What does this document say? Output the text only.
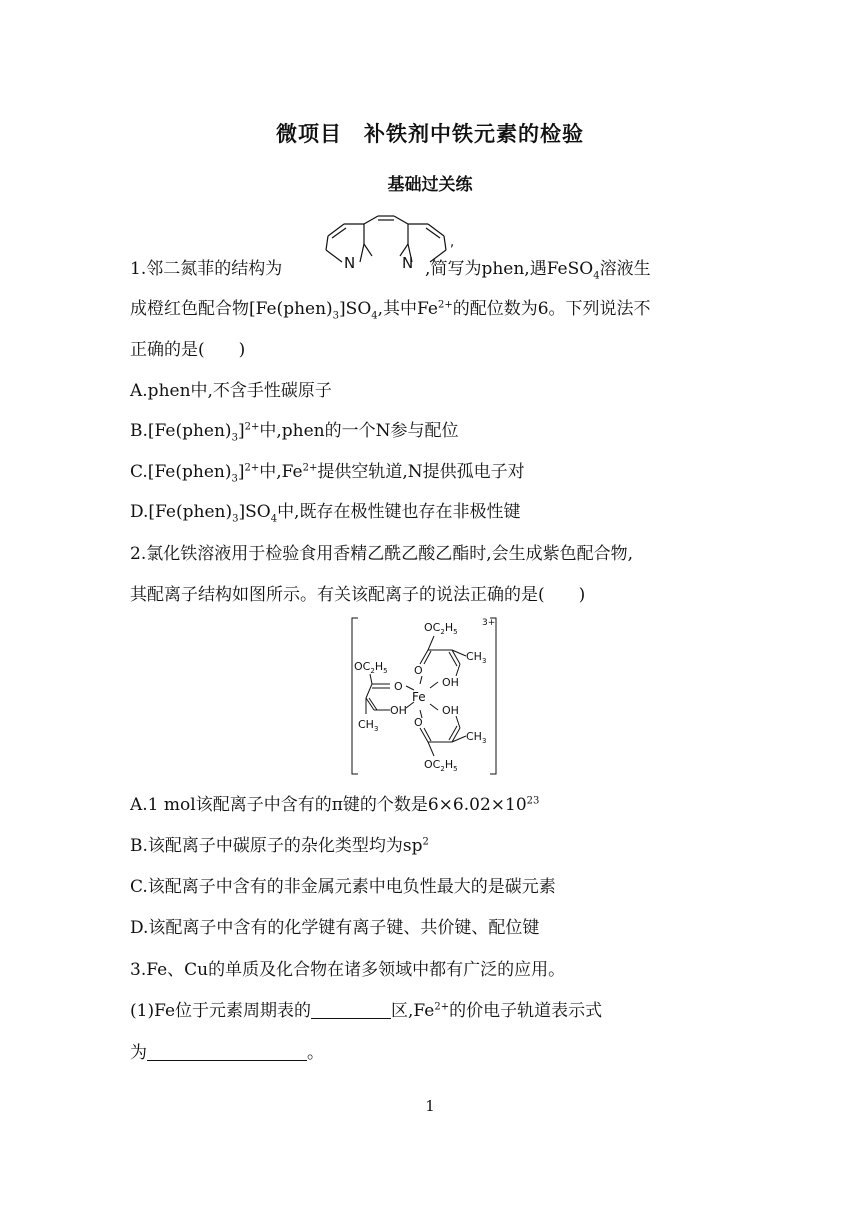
微项目　补铁剂中铁元素的检验
基础过关练
1.邻二氮菲的结构为	,简写为phen,遇FeSO$_4$溶液生
N	N
,
成橙红色配合物$[Fe(phen)_3]SO_4$,其中$Fe^{2+}$的配位数为6。下列说法不
正确的是(　　)
A.phen中,不含手性碳原子
$B.[Fe(phen)_3]^{2+}$中,phen的一个N参与配位
$C.[Fe(phen)_3]^{2+}$中$,Fe^{2+}$提供空轨道,N提供孤电子对
$D.[Fe(phen)_3]SO_4$中,既存在极性键也存在非极性键
2.氯化铁溶液用于检验食用香精乙酰乙酸乙酯时,会生成紫色配合物,
其配离子结构如图所示。有关该配离子的说法正确的是(　　)
3+
$OC_2H_5$
O
$CH_3$
OH
$OC_2H_5$
O
OH
$CH_3$
Fe
OH
O
$CH_3$
$OC_2H_5$
A.1 mol该配离子中含有的π键的个数是$6\times 6.02\times 10^{23}$
B.该配离子中碳原子的杂化类型均为$sp^2$
C.该配离子中含有的非金属元素中电负性最大的是碳元素
D.该配离子中含有的化学键有离子键、共价键、配位键
3.Fe、Cu的单质及化合物在诸多领域中都有广泛的应用。
(1)Fe位于元素周期表的	区$,Fe^{2+}$的价电子轨道表示式
为	。
1
